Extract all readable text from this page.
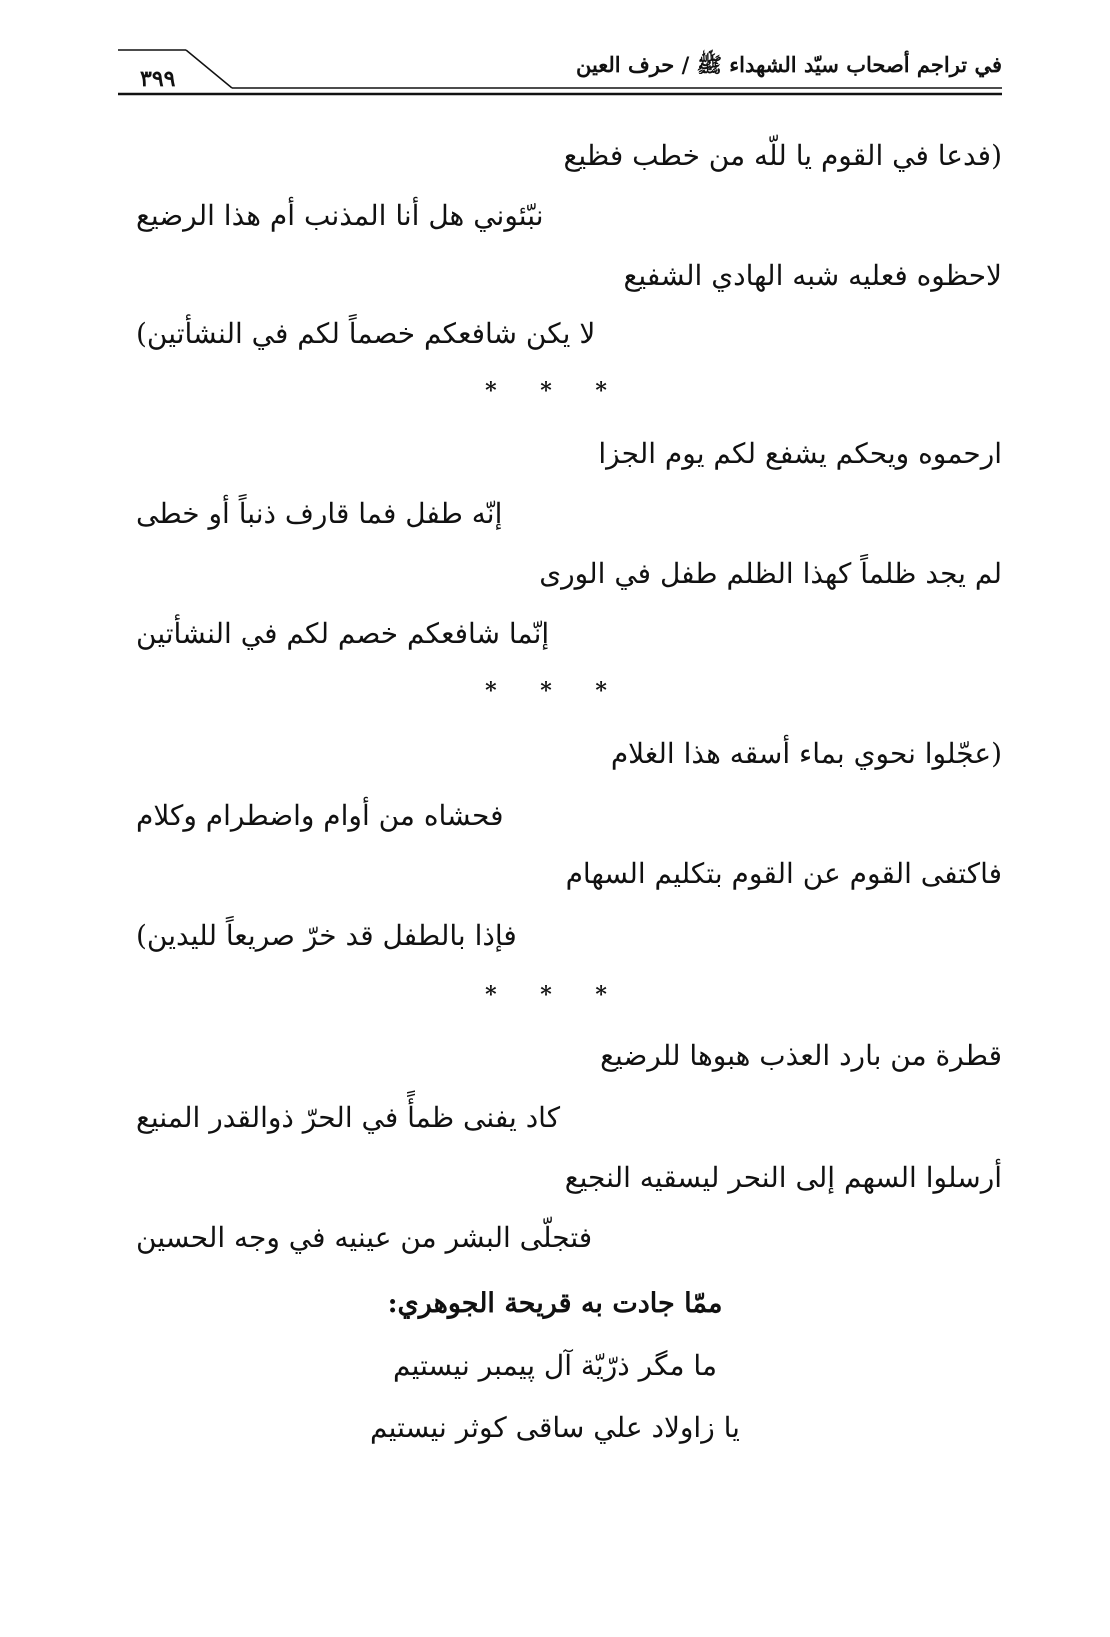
في تراجم أصحاب سيّد الشهداء ﷺ / حرف العين
٣٩٩
(فدعا في القوم يا للّه من خطب فظيع
نبّئوني هل أنا المذنب أم هذا الرضيع
لاحظوه فعليه شبه الهادي الشفيع
لا يكن شافعكم خصماً لكم في النشأتين)
* * *
ارحموه ويحكم يشفع لكم يوم الجزا
إنّه طفل فما قارف ذنباً أو خطى
لم يجد ظلماً كهذا الظلم طفل في الورى
إنّما شافعكم خصم لكم في النشأتين
* * *
(عجّلوا نحوي بماء أسقه هذا الغلام
فحشاه من أوام واضطرام وكلام
فاكتفى القوم عن القوم بتكليم السهام
فإذا بالطفل قد خرّ صريعاً لليدين)
* * *
قطرة من بارد العذب هبوها للرضيع
كاد يفنى ظمأً في الحرّ ذوالقدر المنيع
أرسلوا السهم إلى النحر ليسقيه النجيع
فتجلّى البشر من عينيه في وجه الحسين
ممّا جادت به قريحة الجوهري:
ما مگر ذرّيّة آل پيمبر نيستيم
يا زاولاد علي ساقى كوثر نيستيم
